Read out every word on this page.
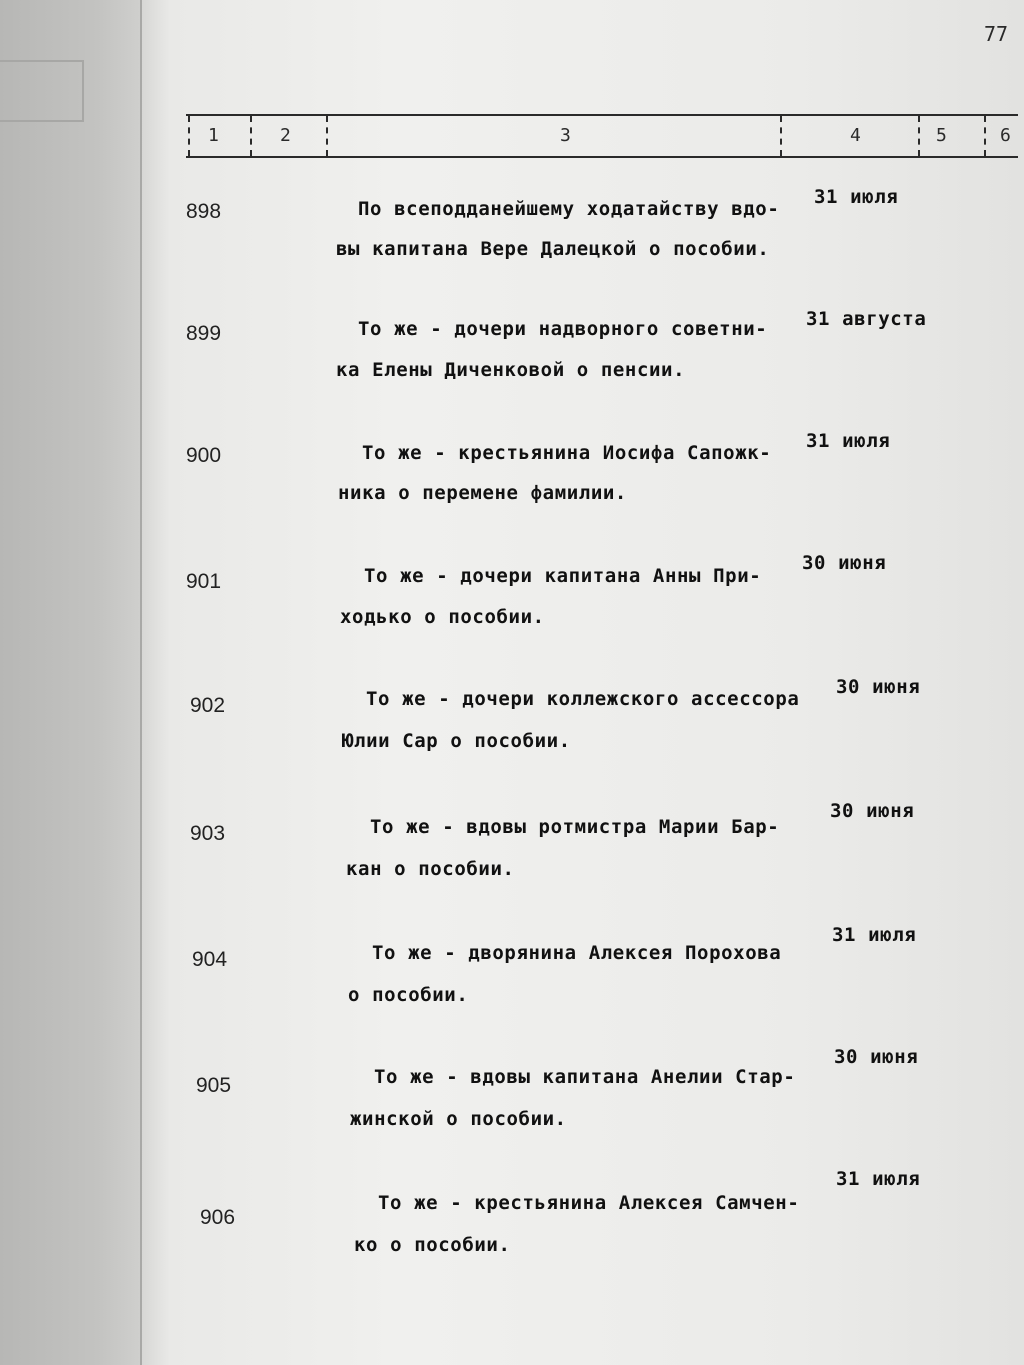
77
1	2	3	4	5	6
898	По всеподданейшему ходатайству вдо-
вы капитана Вере Далецкой о пособии.
31 июля
899	То же - дочери надворного советни-
ка Елены Диченковой о пенсии.
31 августа
900	То же - крестьянина Иосифа Сапожк-
ника о перемене фамилии.
31 июля
901	То же - дочери капитана Анны При-
ходько о пособии.
30 июня
902	То же - дочери коллежского ассессора
Юлии Сар о пособии.
30 июня
903	То же - вдовы ротмистра Марии Бар-
кан о пособии.
30 июня
904	То же - дворянина Алексея Порохова
о пособии.
31 июля
905	То же - вдовы капитана Анелии Стар-
жинской о пособии.
30 июня
906
То же - крестьянина Алексея Самчен-
ко о пособии.
31 июля
